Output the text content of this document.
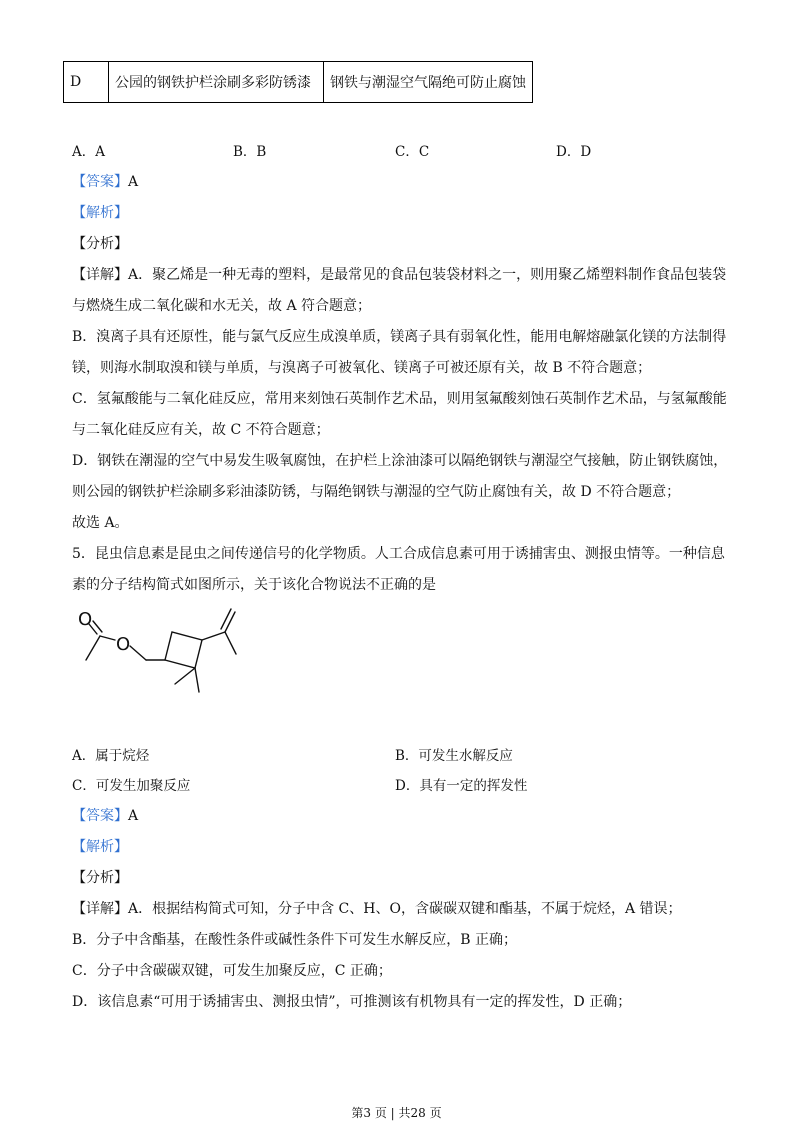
D	公园的钢铁护栏涂刷多彩防锈漆	钢铁与潮湿空气隔绝可防止腐蚀
A．A	B．B	C．C	D．D
【答案】A
【解析】
【分析】
【详解】A．聚乙烯是一种无毒的塑料，是最常见的食品包装袋材料之一，则用聚乙烯塑料制作食品包装袋
与燃烧生成二氧化碳和水无关，故 A 符合题意；
B．溴离子具有还原性，能与氯气反应生成溴单质，镁离子具有弱氧化性，能用电解熔融氯化镁的方法制得
镁，则海水制取溴和镁与单质，与溴离子可被氧化、镁离子可被还原有关，故 B 不符合题意；
C．氢氟酸能与二氧化硅反应，常用来刻蚀石英制作艺术品，则用氢氟酸刻蚀石英制作艺术品，与氢氟酸能
与二氧化硅反应有关，故 C 不符合题意；
D．钢铁在潮湿的空气中易发生吸氧腐蚀，在护栏上涂油漆可以隔绝钢铁与潮湿空气接触，防止钢铁腐蚀，
则公园的钢铁护栏涂刷多彩油漆防锈，与隔绝钢铁与潮湿的空气防止腐蚀有关，故 D 不符合题意；
故选 A。
5．昆虫信息素是昆虫之间传递信号的化学物质。人工合成信息素可用于诱捕害虫、测报虫情等。一种信息
素的分子结构简式如图所示，关于该化合物说法不正确的是
O
O
A．属于烷烃	B．可发生水解反应
C．可发生加聚反应	D．具有一定的挥发性
【答案】A
【解析】
【分析】
【详解】A．根据结构简式可知，分子中含 C、H、O，含碳碳双键和酯基，不属于烷烃，A 错误；
B．分子中含酯基，在酸性条件或碱性条件下可发生水解反应，B 正确；
C．分子中含碳碳双键，可发生加聚反应，C 正确；
D．该信息素“可用于诱捕害虫、测报虫情”，可推测该有机物具有一定的挥发性，D 正确；
第3 页 | 共28 页
